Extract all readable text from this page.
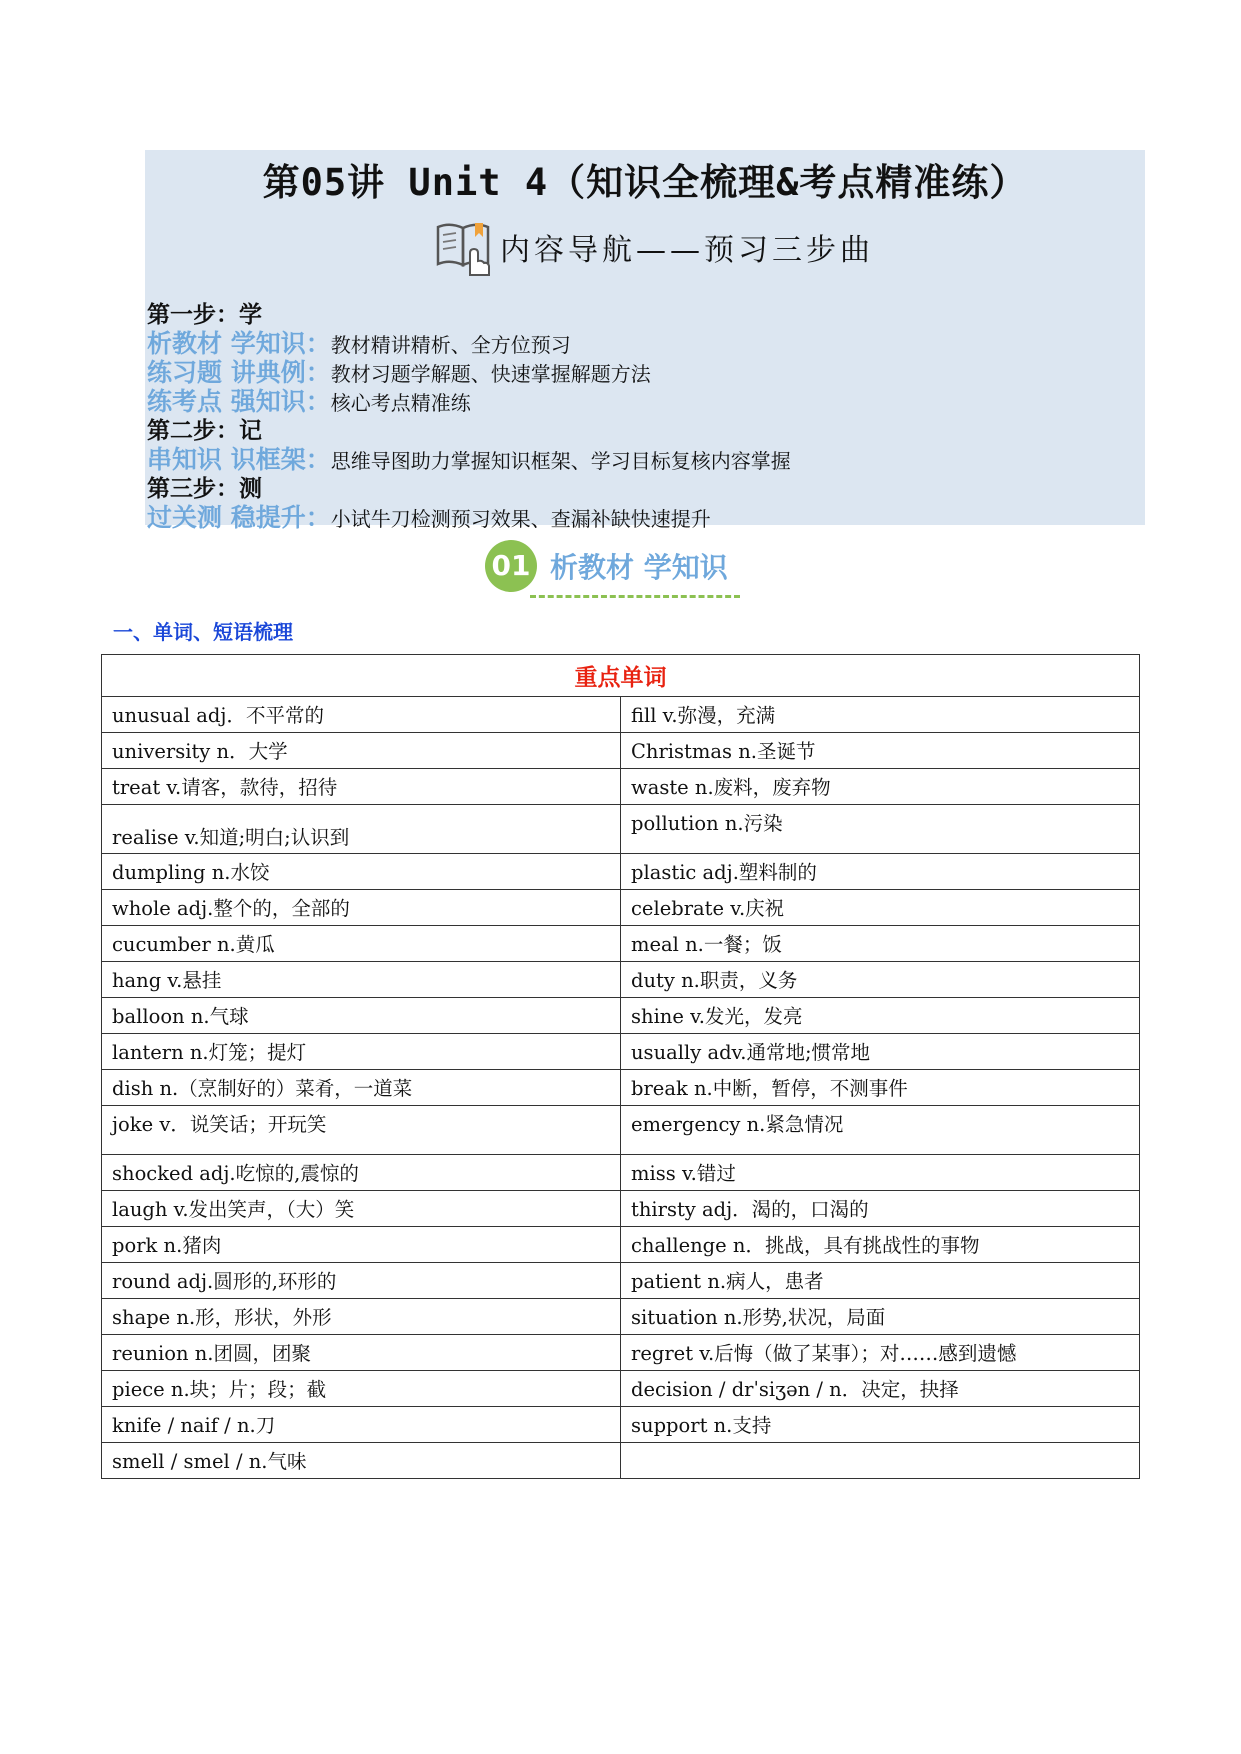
第05讲 Unit 4（知识全梳理&考点精准练）
内容导航——预习三步曲
第一步：学
析教材 学知识：教材精讲精析、全方位预习
练习题 讲典例：教材习题学解题、快速掌握解题方法
练考点 强知识：核心考点精准练
第二步：记
串知识 识框架：思维导图助力掌握知识框架、学习目标复核内容掌握
第三步：测
过关测 稳提升：小试牛刀检测预习效果、查漏补缺快速提升
01 析教材 学知识
一、单词、短语梳理
重点单词	
unusual adj．不平常的	fill v.弥漫，充满
university n．大学	Christmas n.圣诞节
treat v.请客，款待，招待	waste n.废料，废弃物
realise v.知道;明白;认识到	pollution n.污染
dumpling n.水饺	plastic adj.塑料制的
whole adj.整个的，全部的	celebrate v.庆祝
cucumber n.黄瓜	meal n.一餐；饭
hang v.悬挂	duty n.职责，义务
balloon n.气球	shine v.发光，发亮
lantern n.灯笼；提灯	usually adv.通常地;惯常地
dish n.（烹制好的）菜肴，一道菜	break n.中断，暂停，不测事件
joke v．说笑话；开玩笑	emergency n.紧急情况
shocked adj.吃惊的,震惊的	miss v.错过
laugh v.发出笑声，（大）笑	thirsty adj．渴的，口渴的
pork n.猪肉	challenge n．挑战，具有挑战性的事物
round adj.圆形的,环形的	patient n.病人，患者
shape n.形，形状，外形	situation n.形势,状况，局面
reunion n.团圆，团聚	regret v.后悔（做了某事）；对……感到遗憾
piece n.块；片；段；截	decision / drˈsiʒən / n．决定，抉择
knife / naif / n.刀	support n.支持
smell / smel / n.气味	
